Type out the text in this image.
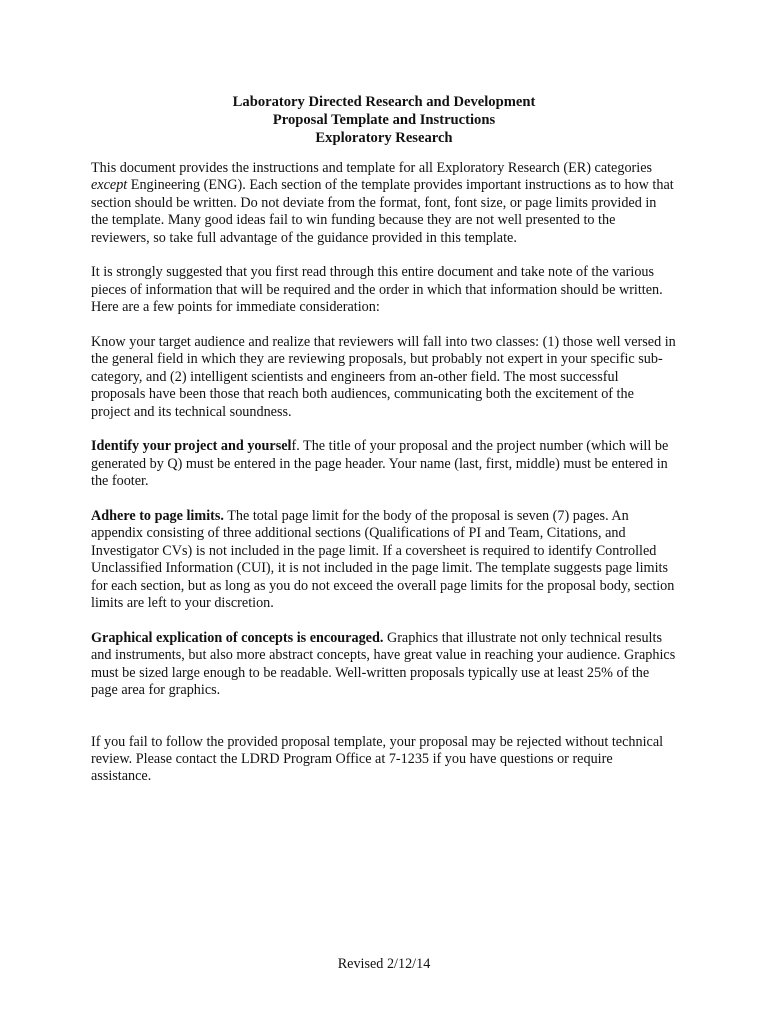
Laboratory Directed Research and Development
Proposal Template and Instructions
Exploratory Research

This document provides the instructions and template for all Exploratory Research (ER) categories except Engineering (ENG). Each section of the template provides important instructions as to how that section should be written. Do not deviate from the format, font, font size, or page limits provided in the template. Many good ideas fail to win funding because they are not well presented to the reviewers, so take full advantage of the guidance provided in this template.

It is strongly suggested that you first read through this entire document and take note of the various pieces of information that will be required and the order in which that information should be written. Here are a few points for immediate consideration:

Know your target audience and realize that reviewers will fall into two classes: (1) those well versed in the general field in which they are reviewing proposals, but probably not expert in your specific subcategory, and (2) intelligent scientists and engineers from an-other field. The most successful proposals have been those that reach both audiences, communicating both the excitement of the project and its technical soundness.

Identify your project and yourself. The title of your proposal and the project number (which will be generated by Q) must be entered in the page header. Your name (last, first, middle) must be entered in the footer.

Adhere to page limits. The total page limit for the body of the proposal is seven (7) pages. An appendix consisting of three additional sections (Qualifications of PI and Team, Citations, and Investigator CVs) is not included in the page limit. If a coversheet is required to identify Controlled Unclassified Information (CUI), it is not included in the page limit. The template suggests page limits for each section, but as long as you do not exceed the overall page limits for the proposal body, section limits are left to your discretion.

Graphical explication of concepts is encouraged. Graphics that illustrate not only technical results and instruments, but also more abstract concepts, have great value in reaching your audience. Graphics must be sized large enough to be readable. Well-written proposals typically use at least 25% of the page area for graphics.

If you fail to follow the provided proposal template, your proposal may be rejected without technical review. Please contact the LDRD Program Office at 7-1235 if you have questions or require assistance.

Revised 2/12/14
